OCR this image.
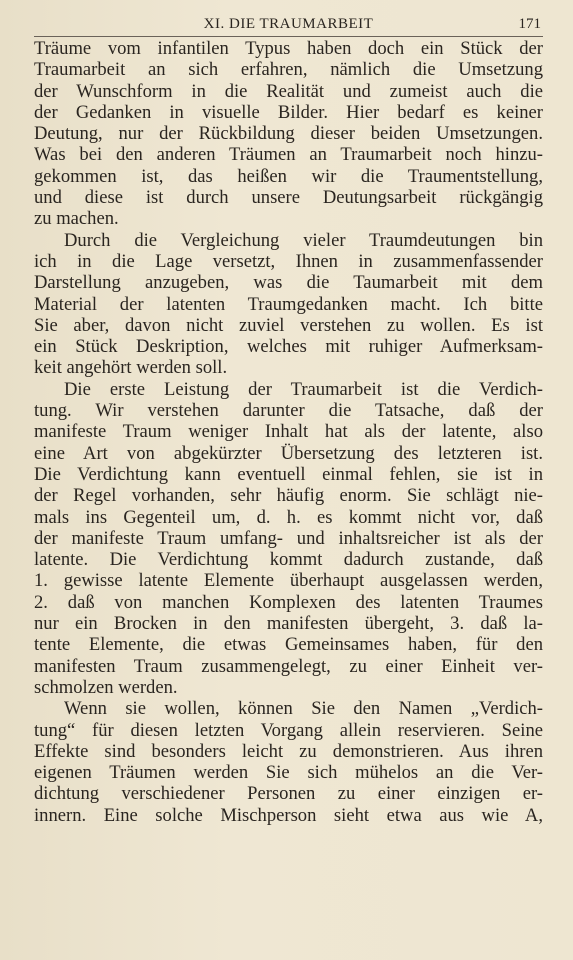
XI. DIE TRAUMARBEIT	171
Träume vom infantilen Typus haben doch ein Stück der
Traumarbeit an sich erfahren, nämlich die Umsetzung
der Wunschform in die Realität und zumeist auch die
der Gedanken in visuelle Bilder. Hier bedarf es keiner
Deutung, nur der Rückbildung dieser beiden Umsetzungen.
Was bei den anderen Träumen an Traumarbeit noch hinzu-
gekommen ist, das heißen wir die Traumentstellung,
und diese ist durch unsere Deutungsarbeit rückgängig
zu machen.
Durch die Vergleichung vieler Traumdeutungen bin
ich in die Lage versetzt, Ihnen in zusammenfassender
Darstellung anzugeben, was die Taumarbeit mit dem
Material der latenten Traumgedanken macht. Ich bitte
Sie aber, davon nicht zuviel verstehen zu wollen. Es ist
ein Stück Deskription, welches mit ruhiger Aufmerksam-
keit angehört werden soll.
Die erste Leistung der Traumarbeit ist die Verdich-
tung. Wir verstehen darunter die Tatsache, daß der
manifeste Traum weniger Inhalt hat als der latente, also
eine Art von abgekürzter Übersetzung des letzteren ist.
Die Verdichtung kann eventuell einmal fehlen, sie ist in
der Regel vorhanden, sehr häufig enorm. Sie schlägt nie-
mals ins Gegenteil um, d. h. es kommt nicht vor, daß
der manifeste Traum umfang- und inhaltsreicher ist als der
latente. Die Verdichtung kommt dadurch zustande, daß
1. gewisse latente Elemente überhaupt ausgelassen werden,
2. daß von manchen Komplexen des latenten Traumes
nur ein Brocken in den manifesten übergeht, 3. daß la-
tente Elemente, die etwas Gemeinsames haben, für den
manifesten Traum zusammengelegt, zu einer Einheit ver-
schmolzen werden.
Wenn sie wollen, können Sie den Namen „Verdich-
tung“ für diesen letzten Vorgang allein reservieren. Seine
Effekte sind besonders leicht zu demonstrieren. Aus ihren
eigenen Träumen werden Sie sich mühelos an die Ver-
dichtung verschiedener Personen zu einer einzigen er-
innern. Eine solche Mischperson sieht etwa aus wie A,
